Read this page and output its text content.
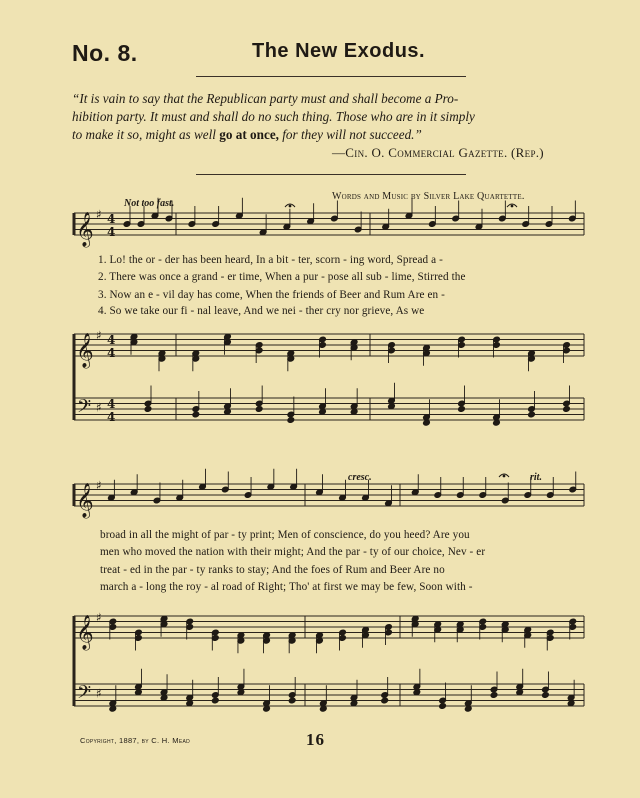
No. 8.	The New Exodus.
“It is vain to say that the Republican party must and shall become a Pro-
hibition party. It must and shall do no such thing. Those who are in it simply
to make it so, might as well go at once, for they will not succeed.”
—Cin. O. Commercial Gazette. (Rep.)
Words and Music by Silver Lake Quartette.
Not too fast.
cresc.	rit.
𝄞 ♯
𝄞 ♯
𝄢 ♯
𝄞 ♯
𝄞 ♯
𝄢 ♯
4
4
4
4
4
4
1. Lo! the or - der has been heard, In a bit - ter, scorn - ing word, Spread a -
2. There was once a grand - er time, When a pur - pose all sub - lime, Stirred the
3. Now an e - vil day has come, When the friends of Beer and Rum Are en -
4. So we take our fi - nal leave, And we nei - ther cry nor grieve, As we
broad in all the might of par - ty print; Men of conscience, do you heed? Are you
men who moved the nation with their might; And the par - ty of our choice, Nev - er
treat - ed in the par - ty ranks to stay; And the foes of Rum and Beer Are no
march a - long the roy - al road of Right; Tho' at first we may be few, Soon with -
Copyright, 1887, by C. H. Mead	16
